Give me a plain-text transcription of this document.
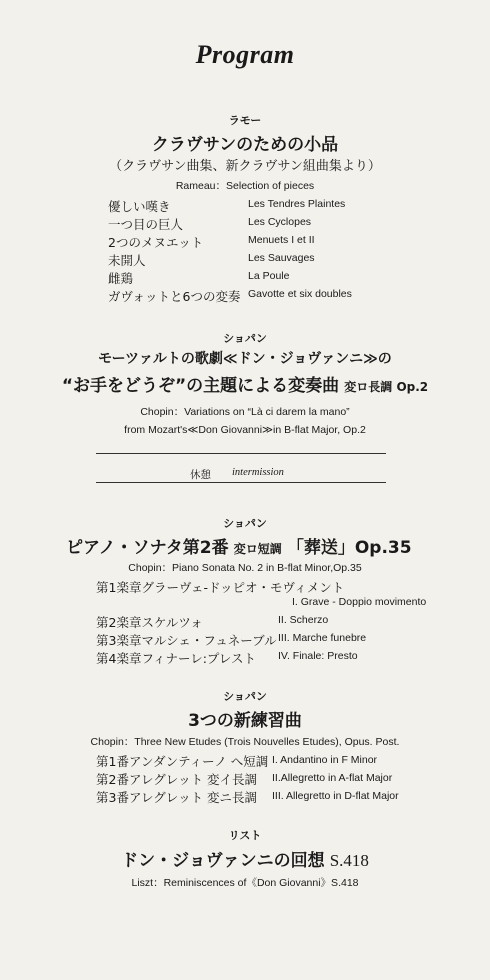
Program
ラモー
クラヴサンのための小品
（クラヴサン曲集、新クラヴサン組曲集より）
Rameau：Selection of pieces
優しい嘆き	Les Tendres Plaintes
一つ目の巨人	Les Cyclopes
2つのメヌエット	Menuets I et II
未開人	Les Sauvages
雌鶏	La Poule
ガヴォットと6つの変奏 Gavotte et six doubles
ショパン
モーツァルトの歌劇≪ドン・ジョヴァンニ≫の
“お手をどうぞ”の主題による変奏曲 変ロ長調 Op.2
Chopin：Variations on “Là ci darem la mano”
from Mozart's≪Don Giovanni≫in B-flat Major, Op.2
休憩 intermission
ショパン
ピアノ・ソナタ第2番 変ロ短調 「葬送」Op.35
Chopin：Piano Sonata No. 2 in B-flat Minor,Op.35
第1楽章グラーヴェ-ドッピオ・モヴィメント
I. Grave - Doppio movimento
第2楽章スケルツォ	II. Scherzo
第3楽章マルシェ・フュネーブル III. Marche funebre
第4楽章フィナーレ:プレスト IV. Finale: Presto
ショパン
3つの新練習曲
Chopin：Three New Etudes (Trois Nouvelles Etudes), Opus. Post.
第1番アンダンティーノ へ短調 I. Andantino in F Minor
第2番アレグレット 変イ長調 II.Allegretto in A-flat Major
第3番アレグレット 変ニ長調 III. Allegretto in D-flat Major
リスト
ドン・ジョヴァンニの回想 S.418
Liszt：Reminiscences of《Don Giovanni》S.418
